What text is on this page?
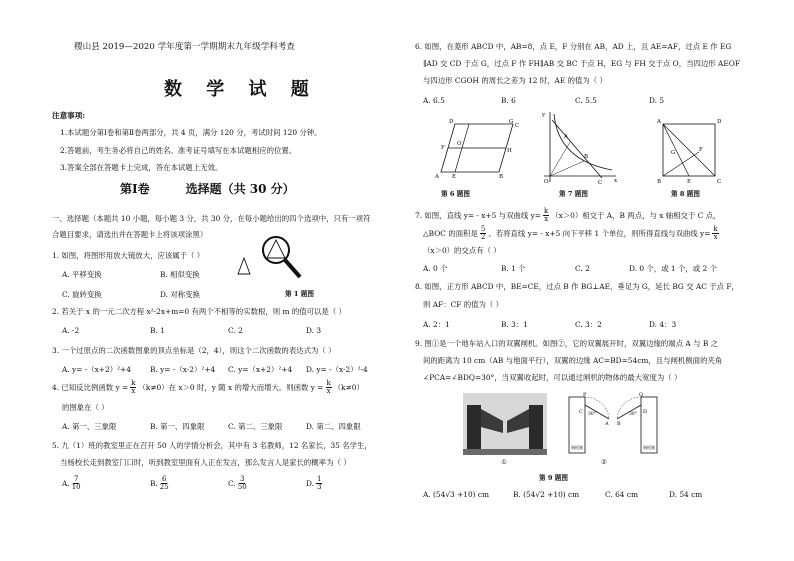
稷山县 2019—2020 学年度第一学期期末九年级学科考查
数 学 试 题
注意事项:
1.本试题分第Ⅰ卷和第Ⅱ卷两部分，共 4 页，满分 120 分，考试时间 120 分钟。
2.答题前，考生务必将自己的姓名、准考证号填写在本试题相应的位置。
3.答案全部在答题卡上完成，答在本试题上无效。
第Ⅰ卷	选择题（共 30 分）
一、选择题（本题共 10 小题，每小题 3 分，共 30 分，在每小题给出的四个选项中，只有一项符
合题目要求，请选出并在答题卡上将该项涂黑）
1. 如图，将图形用放大镜放大，应该属于（ ）
A. 平移变换	B. 相似变换
C. 旋转变换	D. 对称变换	第 1 题图
2. 若关于 x 的一元二次方程 x²-2x+m=0 有两个不相等的实数根，则 m 的值可以是（ ）
A. -2	B. 1	C. 2	D. 3
3. 一个过原点的二次函数图象的顶点坐标是（2，4），则这个二次函数的表达式为（ ）
A. y= -（x+2）²+4	B. y= -（x-2）²+4 C. y=（x+2）²+4 D. y= -（x-2）²-4
4. 已知反比例函数 $y = \frac{k}{x} (k\ne 0)$在 x＞0 时，y 随 x 的增大而增大。则函数 $y = \frac{k}{x} (k\ne 0)$
的图象在（ ）
A. 第一、三象限	B. 第一、四象限	C. 第二、三象限	D. 第二、四象限
5. 九（1）班的教室里正在召开 50 人的学情分析会，其中有 3 名教师，12 名家长，35 名学生，
当杨校长走到教室门口时，听到教室里面有人正在发言，那么发言人是家长的概率为（ ）
A. $\frac{7}{10}$	B. $\frac{6}{25}$	C. $\frac{3}{50}$	D. $\frac{1}{3}$
6. 如图，在菱形 ABCD 中，AB=8，点 E，F 分别在 AB，AD 上，且 AE=AF，过点 E 作 EG
∥AD 交 CD 于点 G，过点 F 作 FH∥AB 交 BC 于点 H，EG 与 FH 交于点 O，当四边形 AEOF
与四边形 CGOH 的周长之差为 12 时，AE 的值为（ ）
A. 6.5	B. 6	C. 5.5	D. 5
D
F
G
O
A E	B
H
C
y
A
B
O	C x
A	D
F
G
B	E	C
第 6 题图	第 7 题图	第 8 题图
7. 如图，直线 y= - x+5 与双曲线 $y= \frac{k}{x} (x>0)$相交于 A，B 两点，与 x 轴相交于 C 点，
△BOC 的面积是 $\frac{5}{2}$ 。若将直线 y= - x+5 向下平移 1 个单位，则所得直线与双曲线 $y= \frac{k}{x}$
（x＞0）的交点有（ ）
A. 0 个	B. 1 个	C. 2	D. 0 个，或 1 个，或 2 个
8. 如图，正方形 ABCD 中，BE=CE，过点 B 作 BG⊥AE，垂足为 G，延长 BG 交 AC 于点 F，
则 AF：CF 的值为（ ）
A. 2：1	B. 3：1	C. 3：2	D. 4：3
9. 图①是一个地车站入口的双翼闸机。如图②，它的双翼展开时，双翼边缘的端点 A 与 B 之
间的距离为 10 cm（AB 与地面平行），双翼的边缘 AC=BD=54cm，且与闸机侧面的夹角
∠PCA=∠BDQ=30°，当双翼收起时，可以通过闸机的物体的最大宽度为（ ）
①
P	Q
A B
C	D
30°	30°
闸机箱	闸机箱
②
第 9 题图
A. (54√3 +10) cm	B. (54√2 +10) cm	C. 64 cm	D. 54 cm
